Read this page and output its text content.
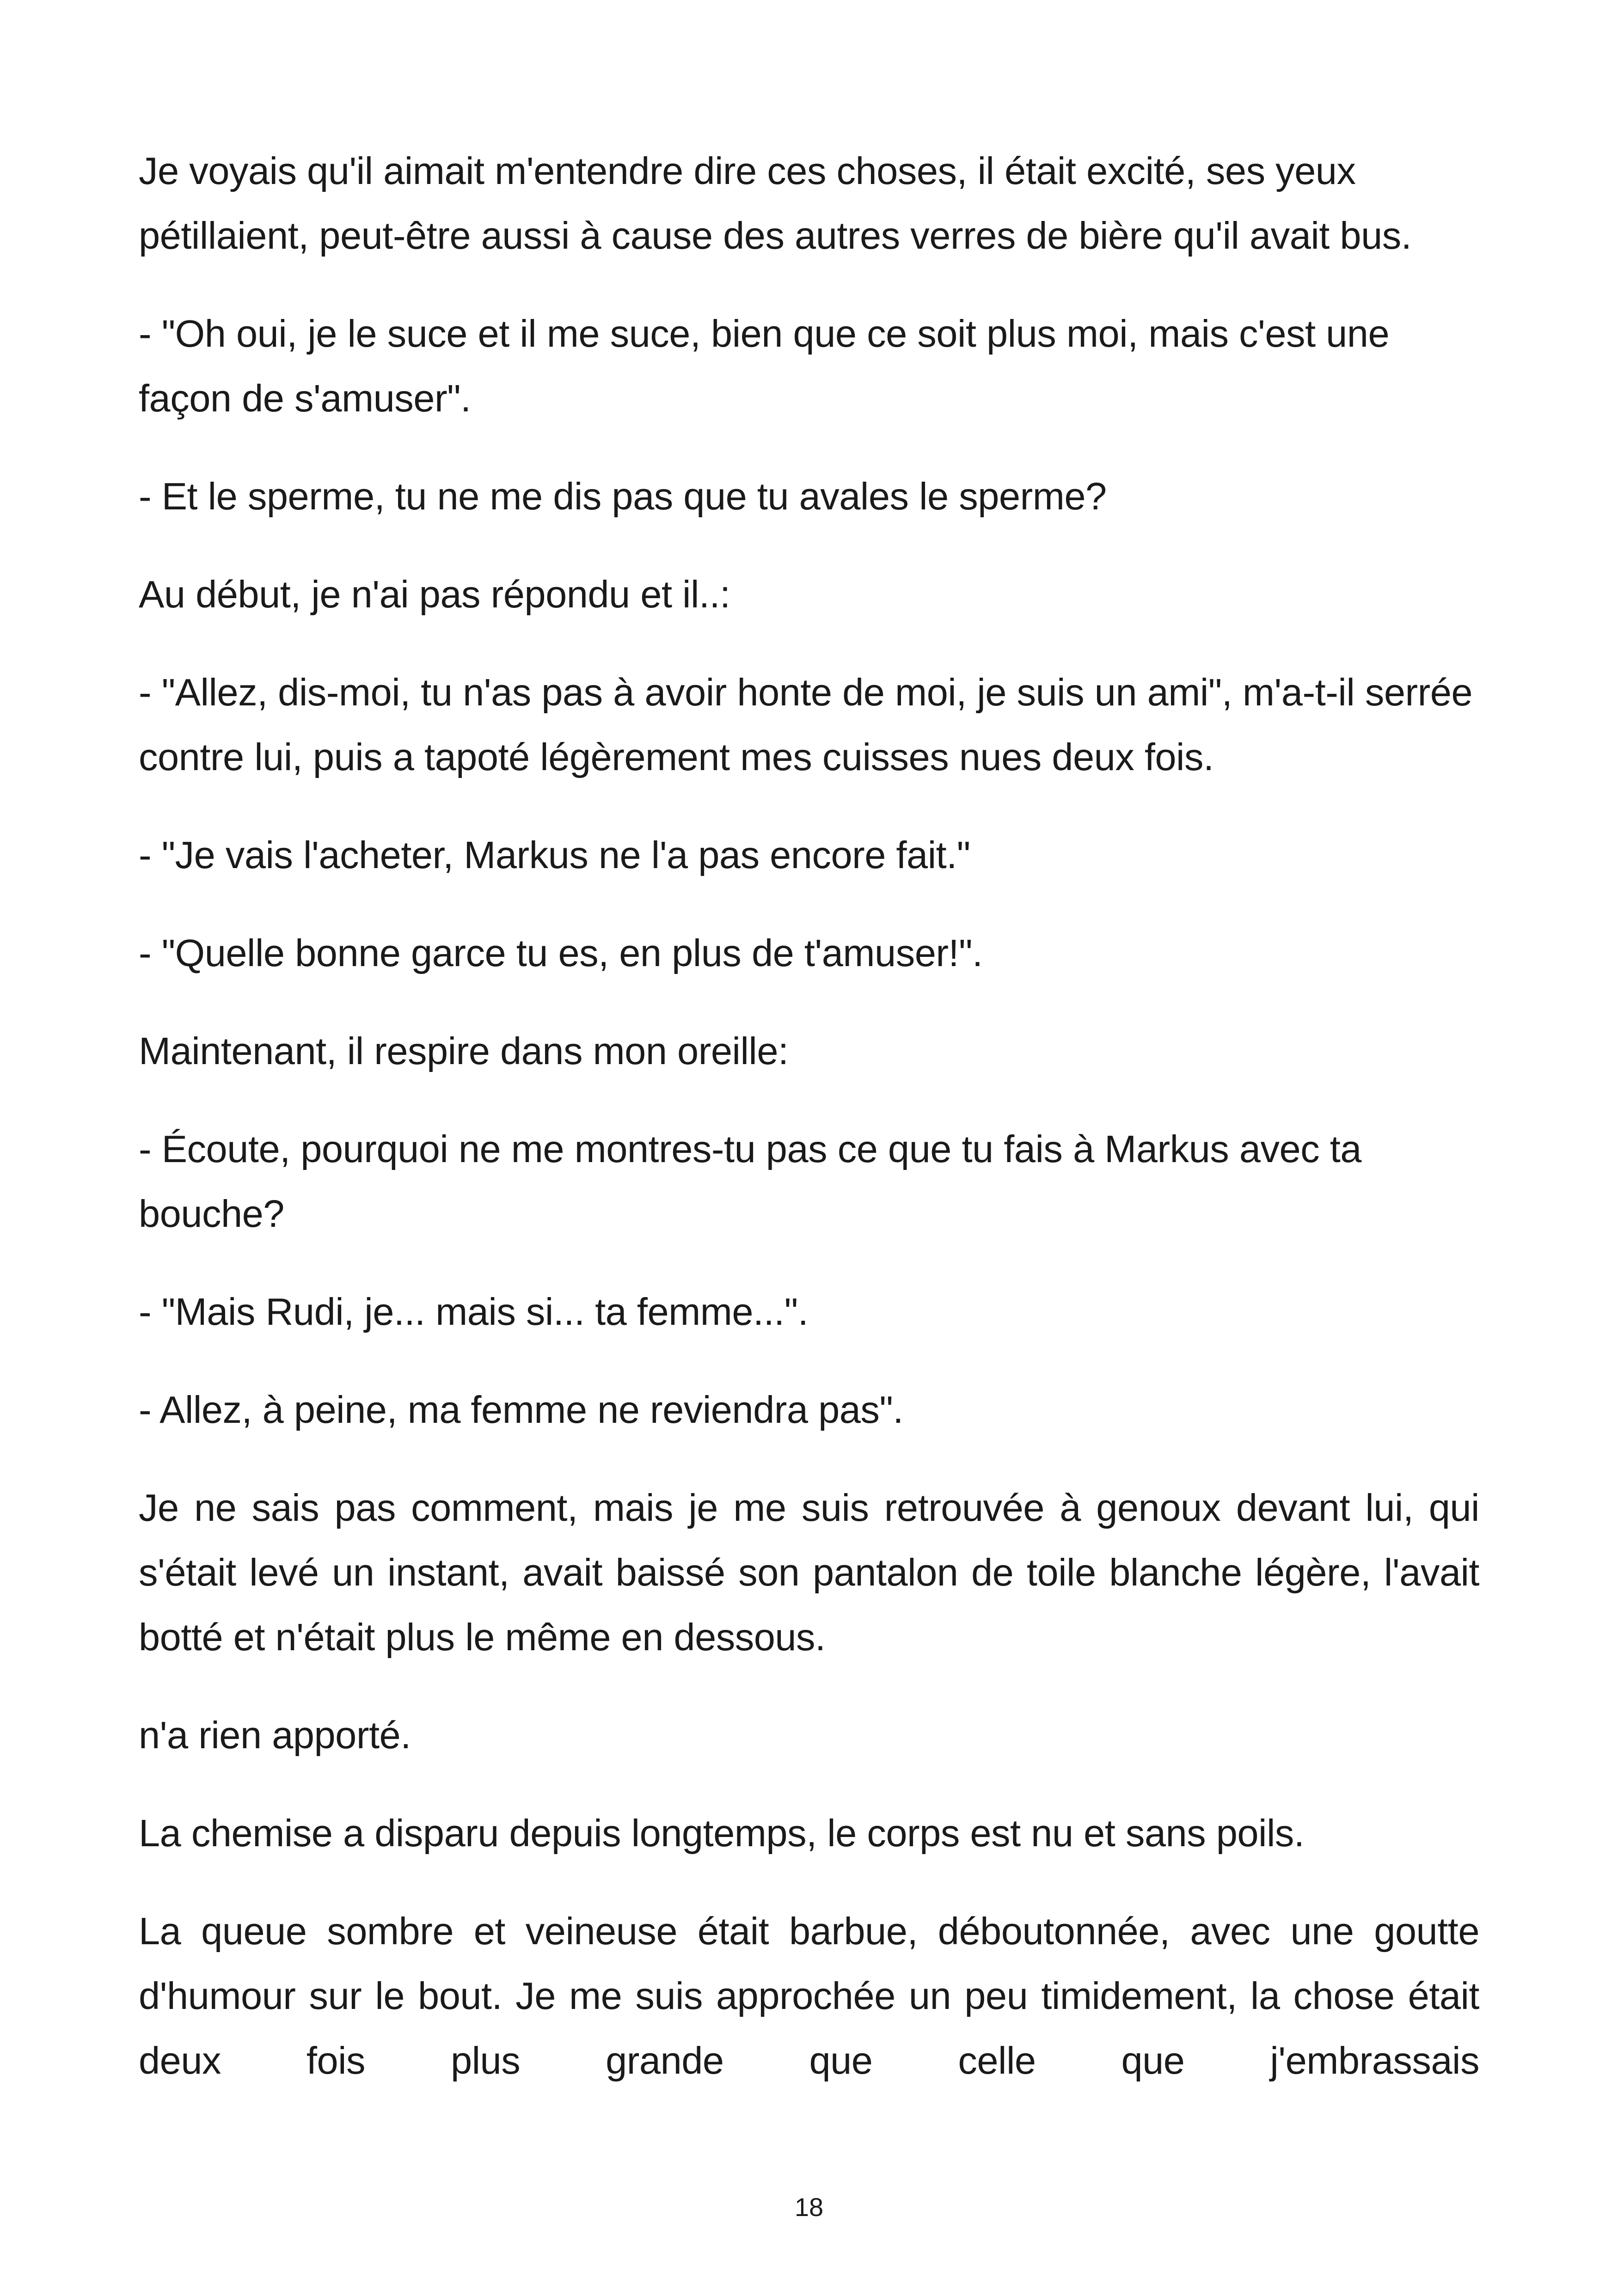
Je voyais qu'il aimait m'entendre dire ces choses, il était excité, ses yeux pétillaient, peut-être aussi à cause des autres verres de bière qu'il avait bus.

- "Oh oui, je le suce et il me suce, bien que ce soit plus moi, mais c'est une façon de s'amuser".

- Et le sperme, tu ne me dis pas que tu avales le sperme?

Au début, je n'ai pas répondu et il..:

- "Allez, dis-moi, tu n'as pas à avoir honte de moi, je suis un ami", m'a-t-il serrée contre lui, puis a tapoté légèrement mes cuisses nues deux fois.

- "Je vais l'acheter, Markus ne l'a pas encore fait."

- "Quelle bonne garce tu es, en plus de t'amuser!".

Maintenant, il respire dans mon oreille:

- Écoute, pourquoi ne me montres-tu pas ce que tu fais à Markus avec ta bouche?

- "Mais Rudi, je... mais si... ta femme...".

- Allez, à peine, ma femme ne reviendra pas".

Je ne sais pas comment, mais je me suis retrouvée à genoux devant lui, qui s'était levé un instant, avait baissé son pantalon de toile blanche légère, l'avait botté et n'était plus le même en dessous.

n'a rien apporté.

La chemise a disparu depuis longtemps, le corps est nu et sans poils.

La queue sombre et veineuse était barbue, déboutonnée, avec une goutte d'humour sur le bout. Je me suis approchée un peu timidement, la chose était deux fois plus grande que celle que j'embrassais

18
